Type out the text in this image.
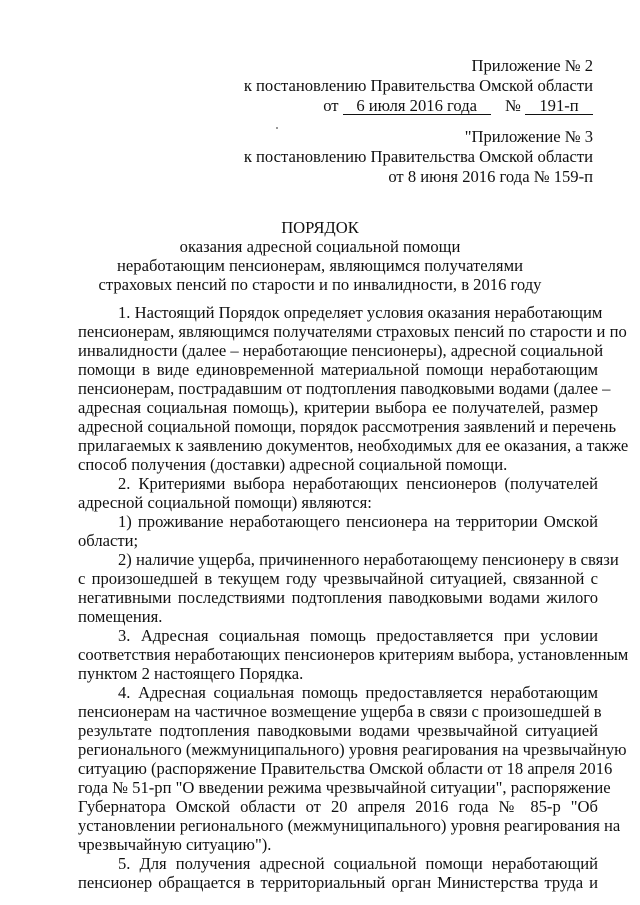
Приложение № 2
к постановлению Правительства Омской области
от 6 июля 2016 года № 191-п
"Приложение № 3
к постановлению Правительства Омской области
от 8 июня 2016 года № 159-п
ПОРЯДОК
оказания адресной социальной помощи
неработающим пенсионерам, являющимся получателями
страховых пенсий по старости и по инвалидности, в 2016 году
1. Настоящий Порядок определяет условия оказания неработающим
пенсионерам, являющимся получателями страховых пенсий по старости и по
инвалидности (далее – неработающие пенсионеры), адресной социальной
помощи в виде единовременной материальной помощи неработающим
пенсионерам, пострадавшим от подтопления паводковыми водами (далее –
адресная социальная помощь), критерии выбора ее получателей, размер
адресной социальной помощи, порядок рассмотрения заявлений и перечень
прилагаемых к заявлению документов, необходимых для ее оказания, а также
способ получения (доставки) адресной социальной помощи.
2. Критериями выбора неработающих пенсионеров (получателей
адресной социальной помощи) являются:
1) проживание неработающего пенсионера на территории Омской
области;
2) наличие ущерба, причиненного неработающему пенсионеру в связи
с произошедшей в текущем году чрезвычайной ситуацией, связанной с
негативными последствиями подтопления паводковыми водами жилого
помещения.
3. Адресная социальная помощь предоставляется при условии
соответствия неработающих пенсионеров критериям выбора, установленным
пунктом 2 настоящего Порядка.
4. Адресная социальная помощь предоставляется неработающим
пенсионерам на частичное возмещение ущерба в связи с произошедшей в
результате подтопления паводковыми водами чрезвычайной ситуацией
регионального (межмуниципального) уровня реагирования на чрезвычайную
ситуацию (распоряжение Правительства Омской области от 18 апреля 2016
года № 51-рп "О введении режима чрезвычайной ситуации", распоряжение
Губернатора Омской области от 20 апреля 2016 года № 85-р "Об
установлении регионального (межмуниципального) уровня реагирования на
чрезвычайную ситуацию").
5. Для получения адресной социальной помощи неработающий
пенсионер обращается в территориальный орган Министерства труда и
